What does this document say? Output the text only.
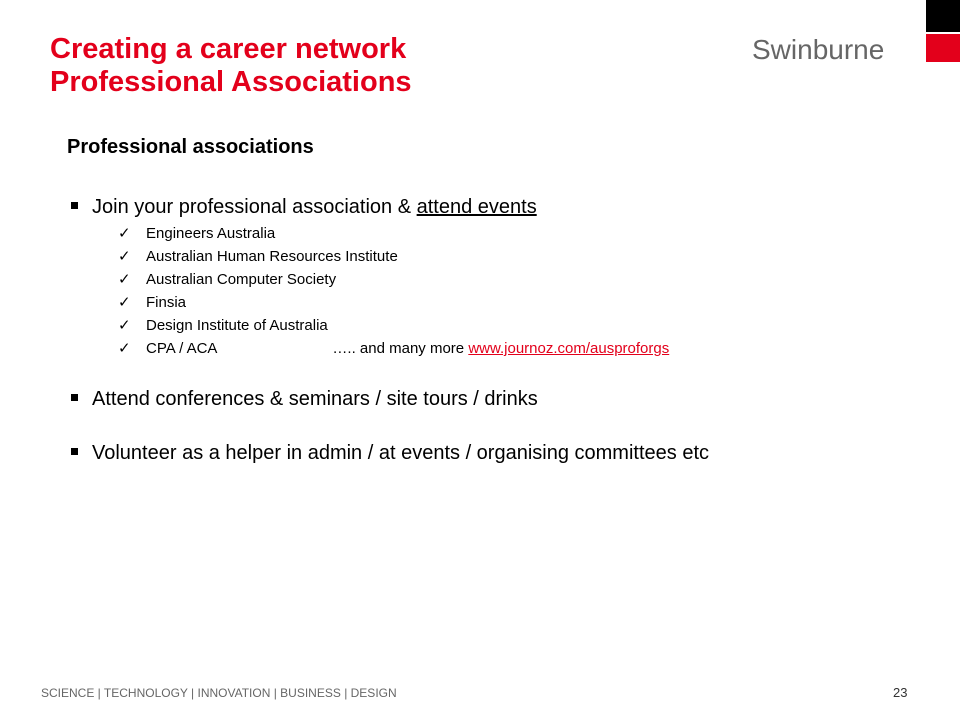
Creating a career network
Professional Associations
Swinburne
Professional associations
Join your professional association & attend events
✓ Engineers Australia
✓ Australian Human Resources Institute
✓ Australian Computer Society
✓ Finsia
✓ Design Institute of Australia
✓ CPA / ACA	….. and many more www.journoz.com/ausproforgs
Attend conferences & seminars / site tours / drinks
Volunteer as a helper in admin / at events / organising committees etc
SCIENCE | TECHNOLOGY | INNOVATION | BUSINESS | DESIGN	23
